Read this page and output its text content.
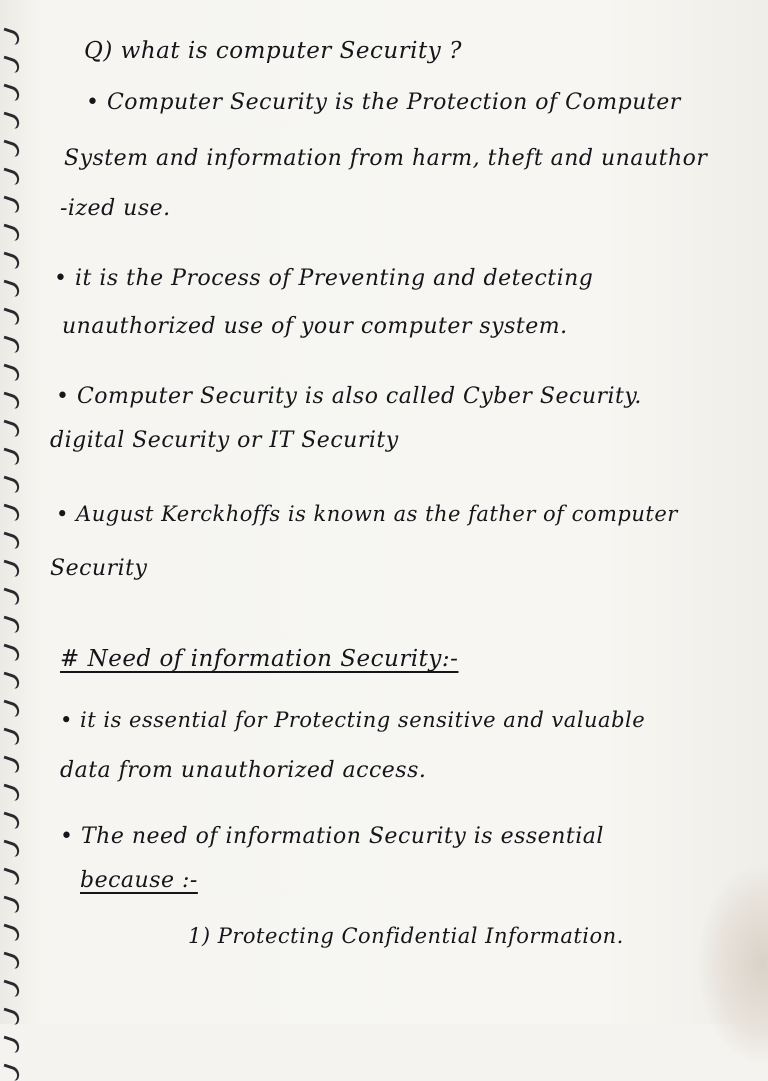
Q) what is computer Security ?
• Computer Security is the Protection of Computer
System and information from harm, theft and unauthor
-ized use.
• it is the Process of Preventing and detecting
unauthorized use of your computer system.
• Computer Security is also called Cyber Security.
digital Security or IT Security
• August Kerckhoffs is known as the father of computer
Security
# Need of information Security:-
• it is essential for Protecting sensitive and valuable
data from unauthorized access.
• The need of information Security is essential
because :-
1) Protecting Confidential Information.
